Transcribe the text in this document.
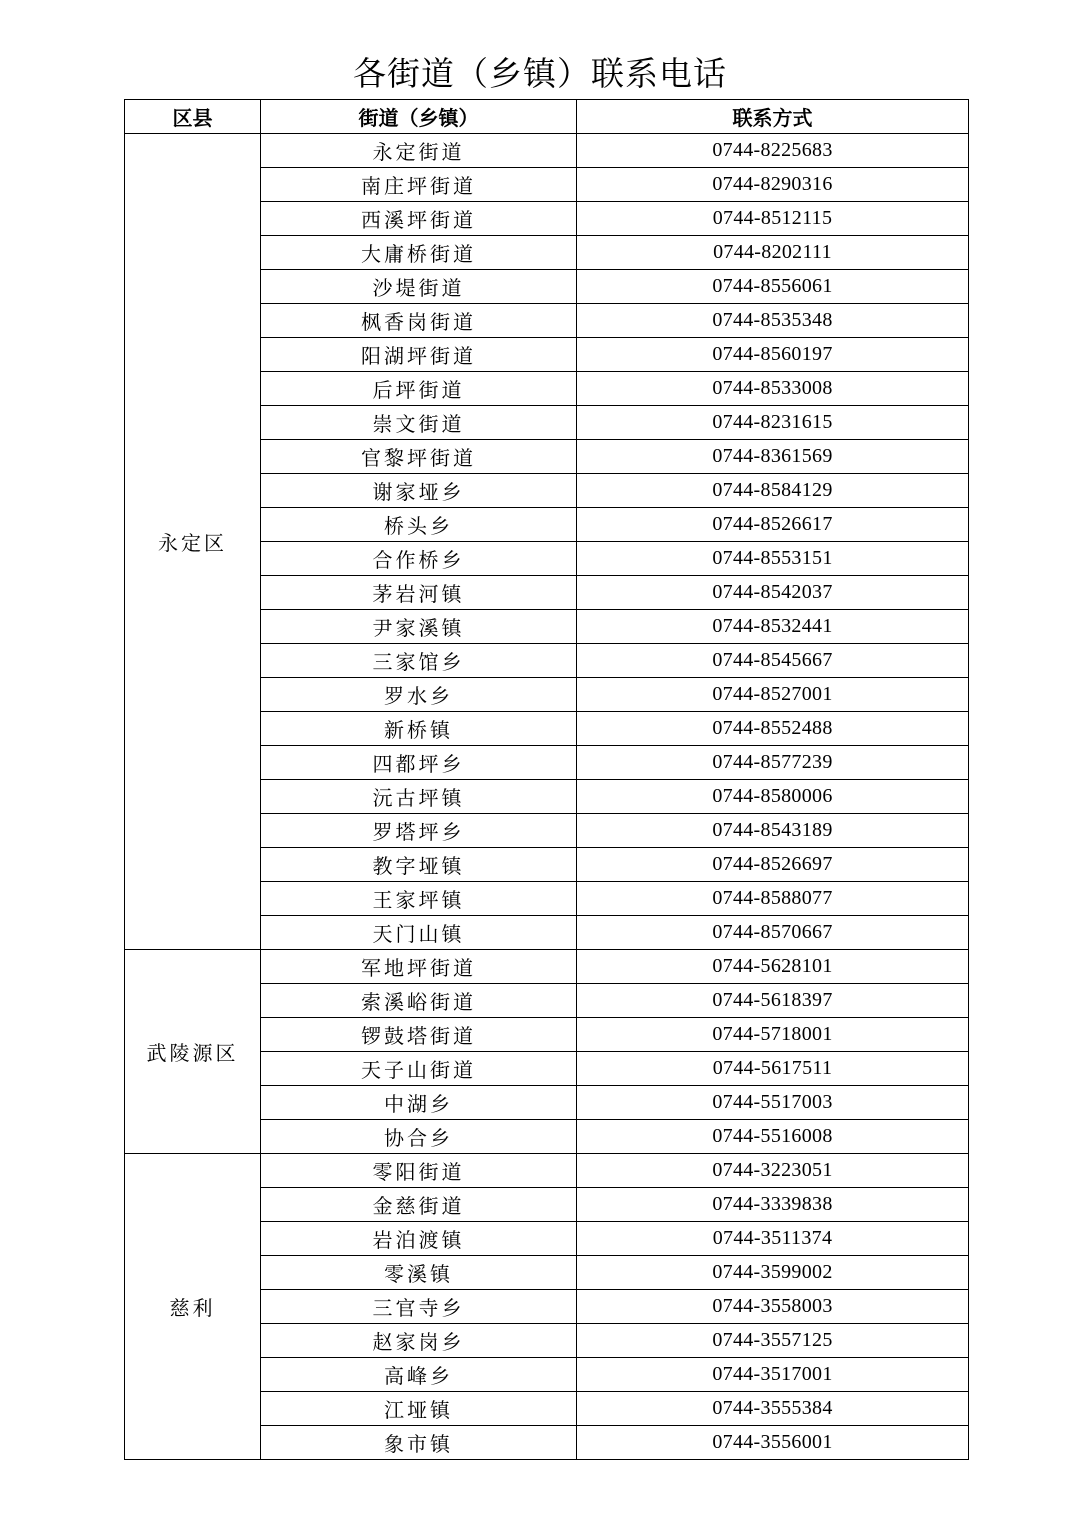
各街道（乡镇）联系电话
区县	街道（乡镇）	联系方式
永定区	永定街道	0744-8225683
	南庄坪街道	0744-8290316
	西溪坪街道	0744-8512115
	大庸桥街道	0744-8202111
	沙堤街道	0744-8556061
	枫香岗街道	0744-8535348
	阳湖坪街道	0744-8560197
	后坪街道	0744-8533008
	崇文街道	0744-8231615
	官黎坪街道	0744-8361569
	谢家垭乡	0744-8584129
	桥头乡	0744-8526617
	合作桥乡	0744-8553151
	茅岩河镇	0744-8542037
	尹家溪镇	0744-8532441
	三家馆乡	0744-8545667
	罗水乡	0744-8527001
	新桥镇	0744-8552488
	四都坪乡	0744-8577239
	沅古坪镇	0744-8580006
	罗塔坪乡	0744-8543189
	教字垭镇	0744-8526697
	王家坪镇	0744-8588077
	天门山镇	0744-8570667
武陵源区	军地坪街道	0744-5628101
	索溪峪街道	0744-5618397
	锣鼓塔街道	0744-5718001
	天子山街道	0744-5617511
	中湖乡	0744-5517003
	协合乡	0744-5516008
慈利	零阳街道	0744-3223051
	金慈街道	0744-3339838
	岩泊渡镇	0744-3511374
	零溪镇	0744-3599002
	三官寺乡	0744-3558003
	赵家岗乡	0744-3557125
	高峰乡	0744-3517001
	江垭镇	0744-3555384
	象市镇	0744-3556001
